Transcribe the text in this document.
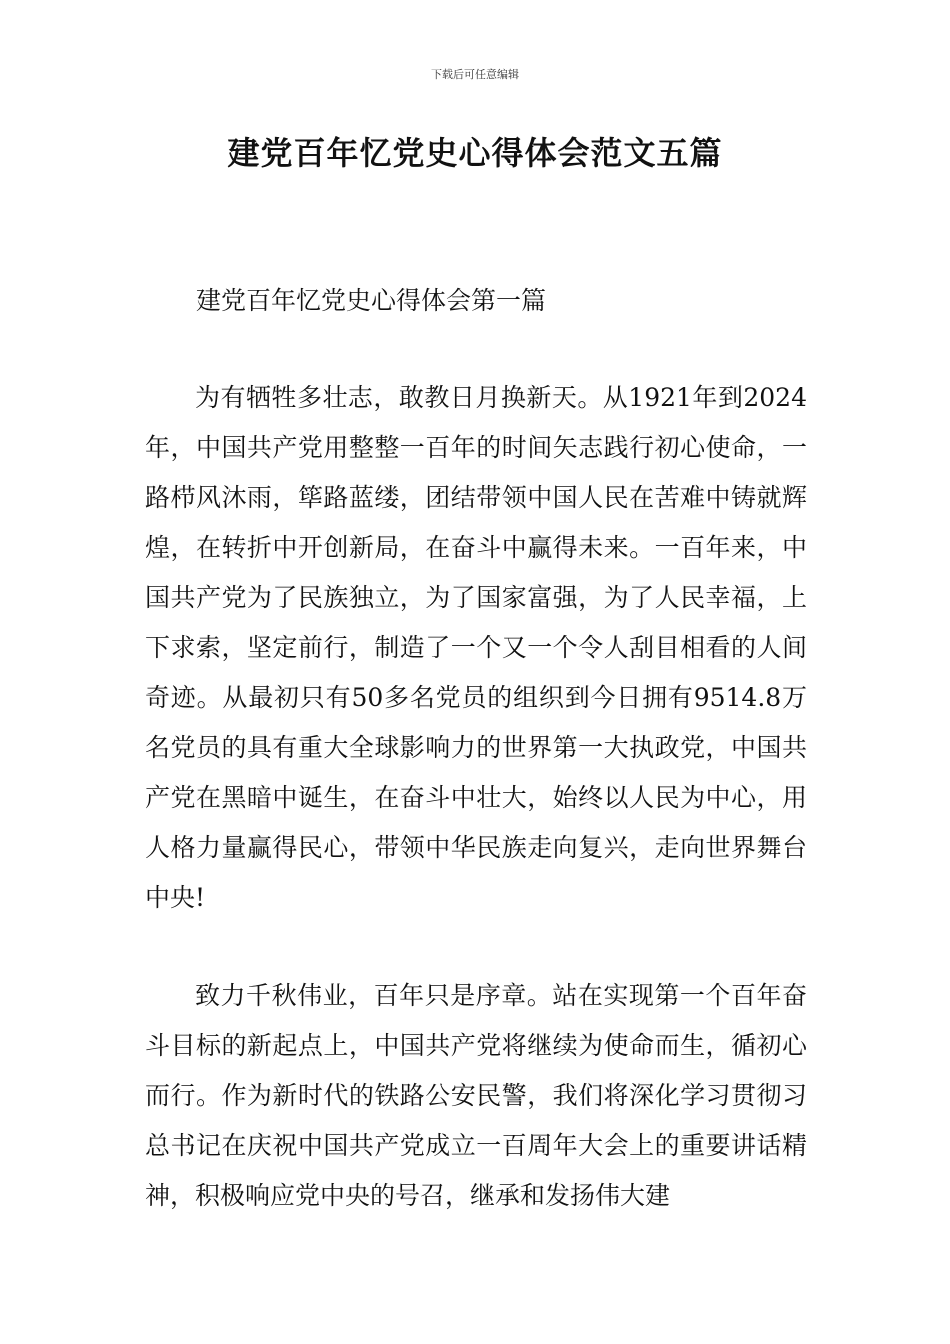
下载后可任意编辑
建党百年忆党史心得体会范文五篇
建党百年忆党史心得体会第一篇

为有牺牲多壮志，敢教日月换新天。从1921年到2024年，中国共产党用整整一百年的时间矢志践行初心使命，一路栉风沐雨，筚路蓝缕，团结带领中国人民在苦难中铸就辉煌，在转折中开创新局，在奋斗中赢得未来。一百年来，中国共产党为了民族独立，为了国家富强，为了人民幸福，上下求索，坚定前行，制造了一个又一个令人刮目相看的人间奇迹。从最初只有50多名党员的组织到今日拥有9514.8万名党员的具有重大全球影响力的世界第一大执政党，中国共产党在黑暗中诞生，在奋斗中壮大，始终以人民为中心，用人格力量赢得民心，带领中华民族走向复兴，走向世界舞台中央!

致力千秋伟业，百年只是序章。站在实现第一个百年奋斗目标的新起点上，中国共产党将继续为使命而生，循初心而行。作为新时代的铁路公安民警，我们将深化学习贯彻习总书记在庆祝中国共产党成立一百周年大会上的重要讲话精神，积极响应党中央的号召，继承和发扬伟大建
